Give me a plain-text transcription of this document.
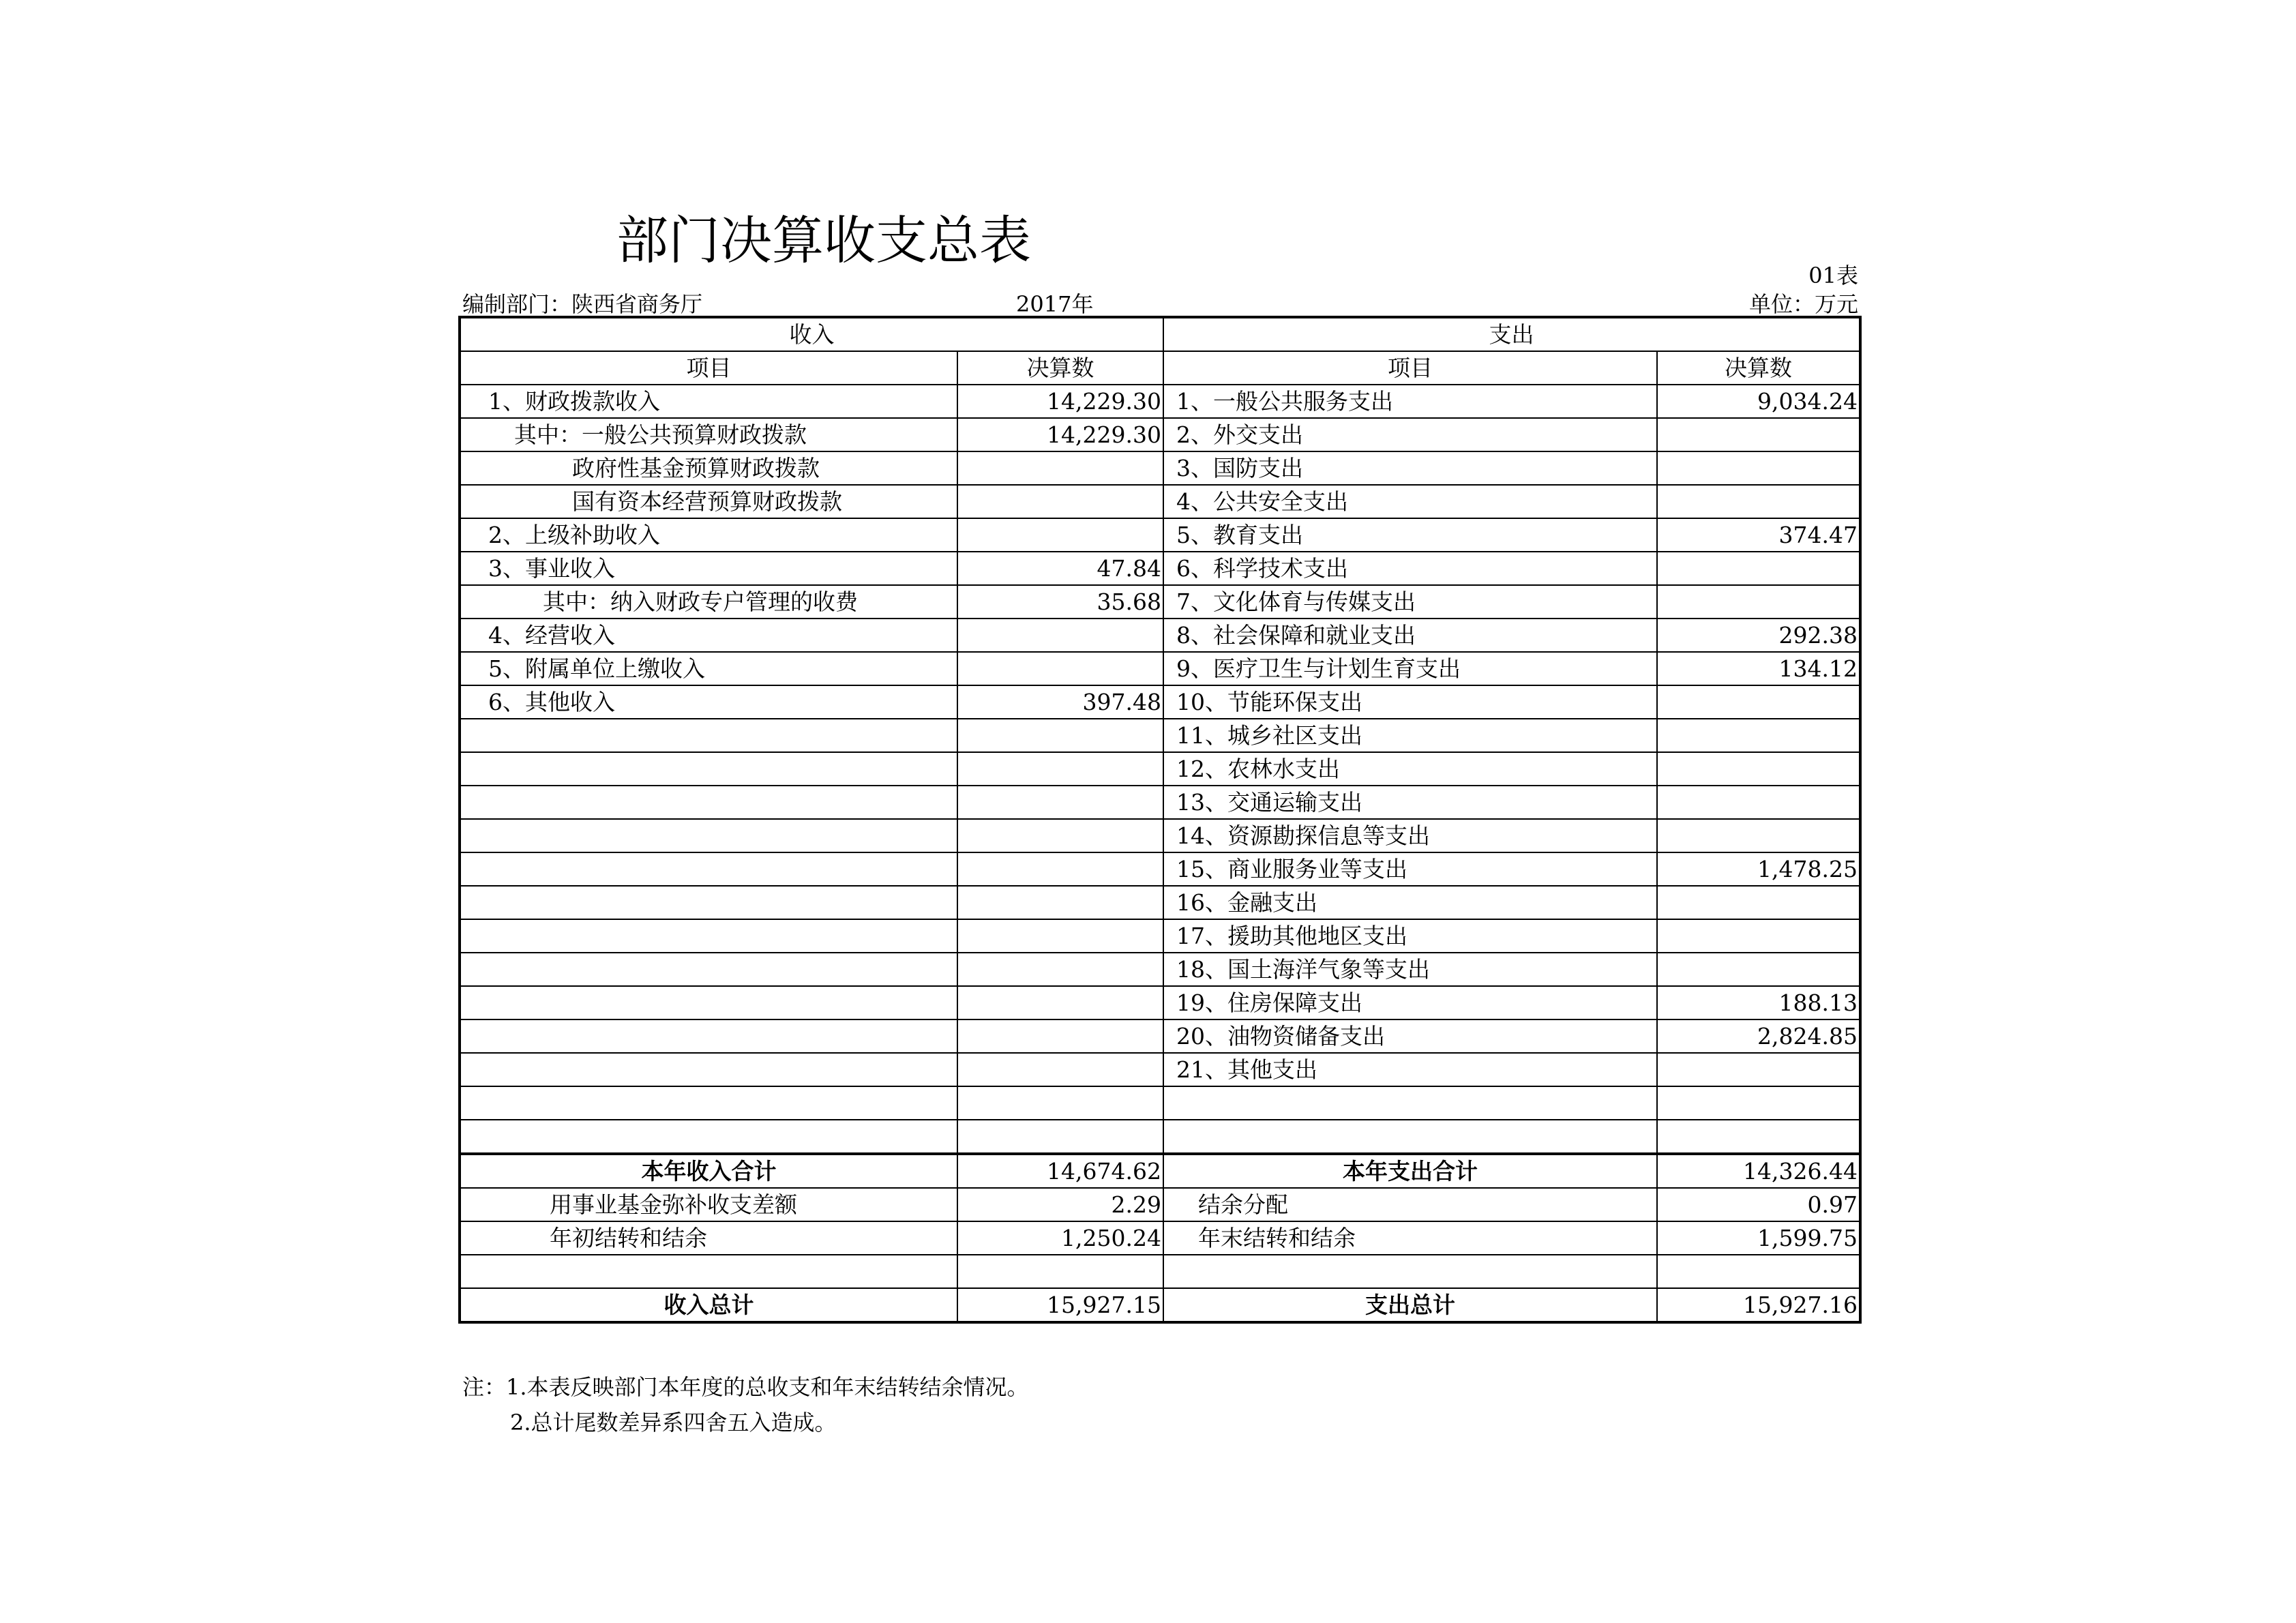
部门决算收支总表
01表
编制部门：陕西省商务厅	2017年	单位：万元
收入		支出	
项目	决算数	项目	决算数
1、财政拨款收入	14,229.30	1、一般公共服务支出	9,034.24
其中：一般公共预算财政拨款	14,229.30	2、外交支出	
政府性基金预算财政拨款		3、国防支出	
国有资本经营预算财政拨款		4、公共安全支出	
2、上级补助收入		5、教育支出	374.47
3、事业收入	47.84	6、科学技术支出	
其中：纳入财政专户管理的收费	35.68	7、文化体育与传媒支出	
4、经营收入		8、社会保障和就业支出	292.38
5、附属单位上缴收入		9、医疗卫生与计划生育支出	134.12
6、其他收入	397.48	10、节能环保支出	
		11、城乡社区支出	
		12、农林水支出	
		13、交通运输支出	
		14、资源勘探信息等支出	
		15、商业服务业等支出	1,478.25
		16、金融支出	
		17、援助其他地区支出	
		18、国土海洋气象等支出	
		19、住房保障支出	188.13
		20、油物资储备支出	2,824.85
		21、其他支出	

本年收入合计	14,674.62	本年支出合计	14,326.44
用事业基金弥补收支差额	2.29	结余分配	0.97
年初结转和结余	1,250.24	年末结转和结余	1,599.75

收入总计	15,927.15	支出总计	15,927.16
注：1.本表反映部门本年度的总收支和年末结转结余情况。
2.总计尾数差异系四舍五入造成。
